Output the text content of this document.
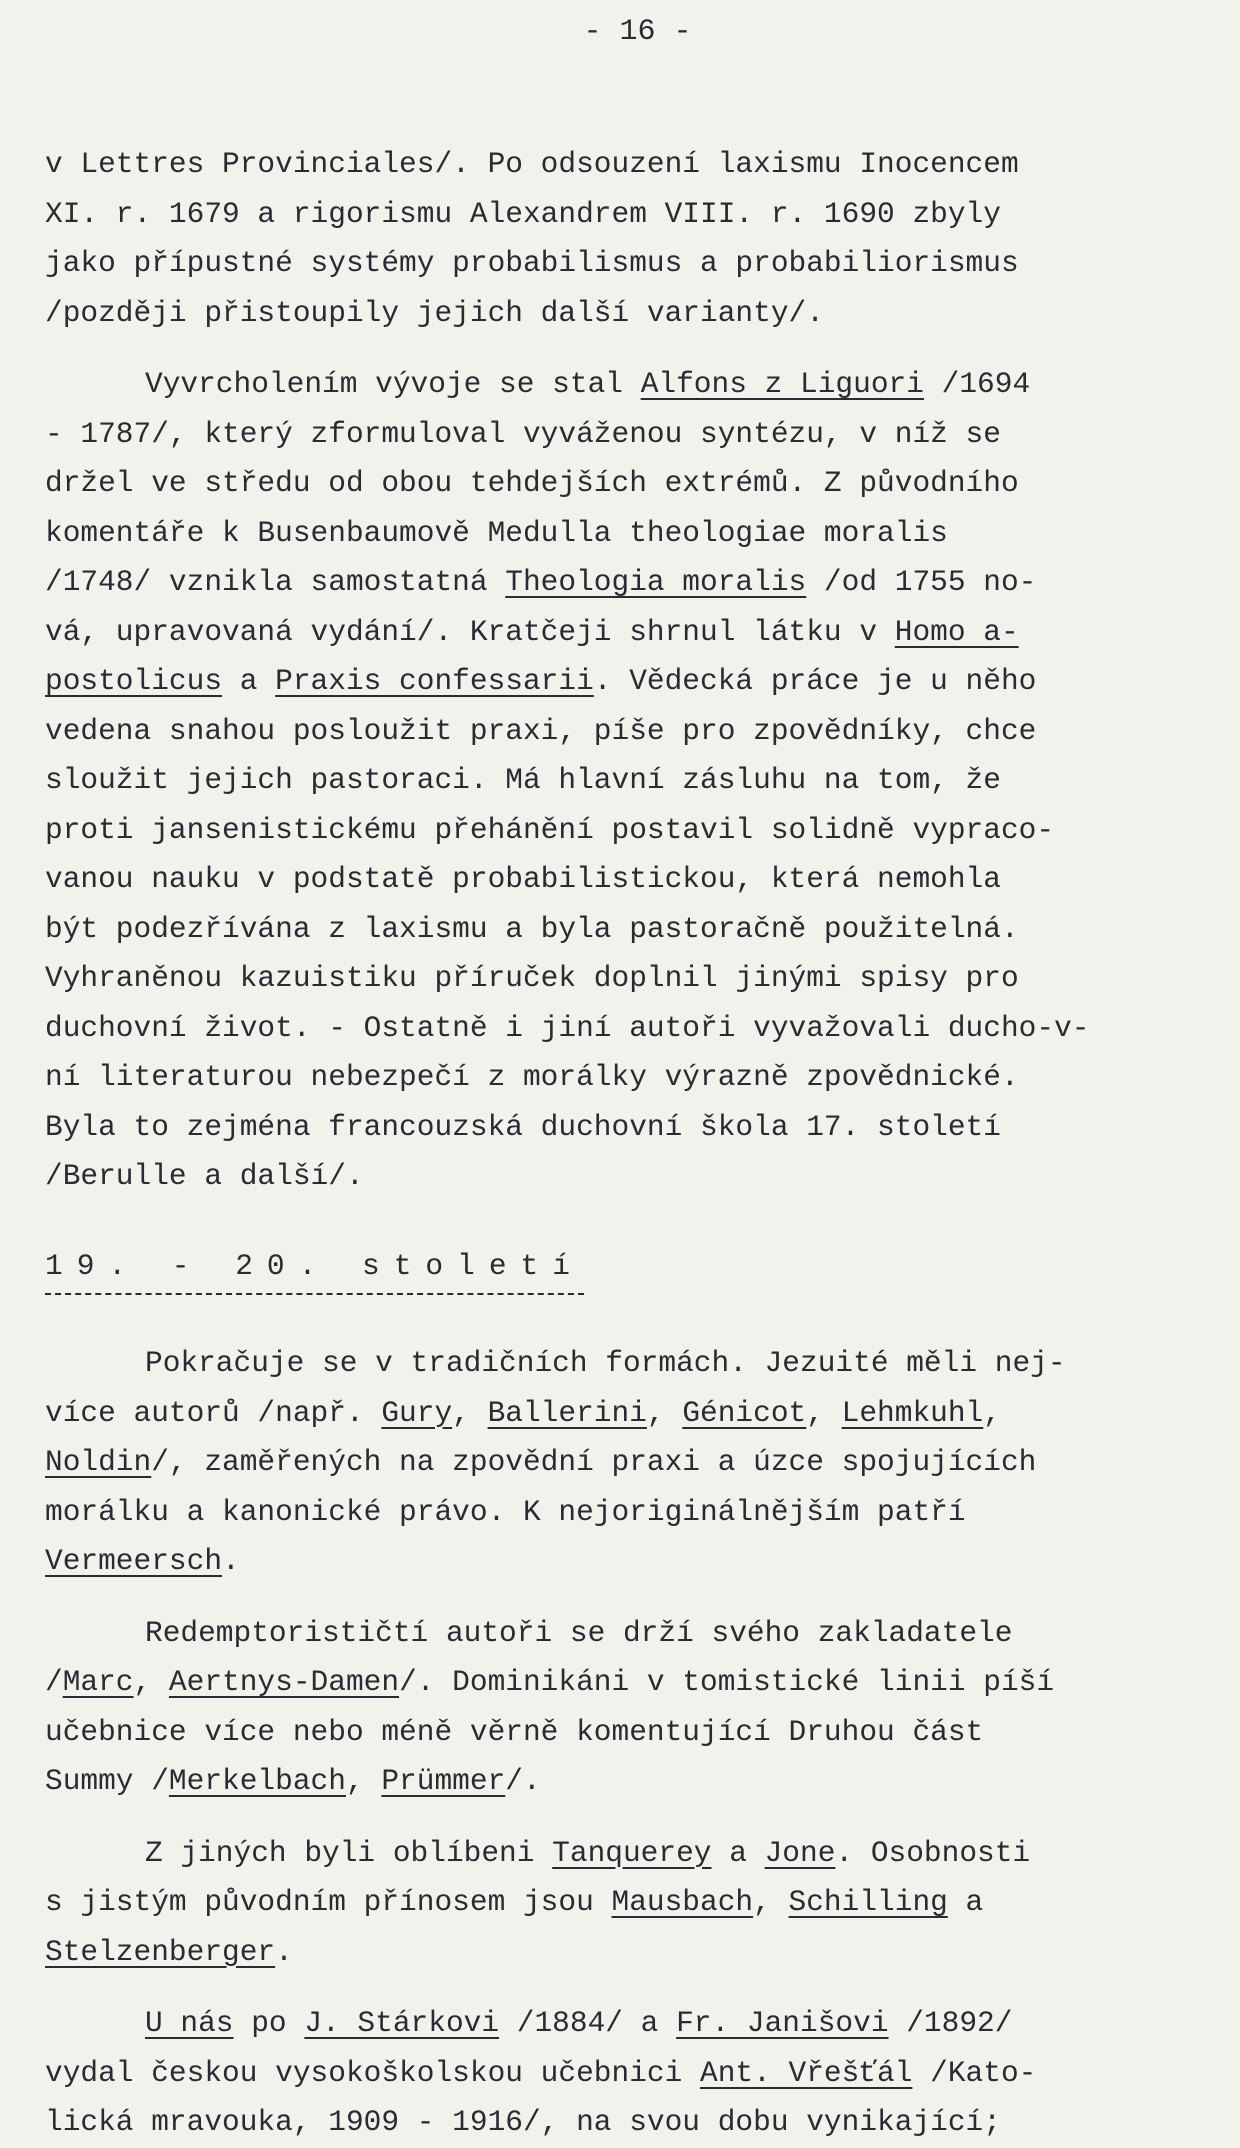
- 16 -
v Lettres Provinciales/. Po odsouzení laxismu Inocencem
XI. r. 1679 a rigorismu Alexandrem VIII. r. 1690 zbyly
jako přípustné systémy probabilismus a probabiliorismus
/později přistoupily jejich další varianty/.
Vyvrcholením vývoje se stal Alfons z Liguori /1694
- 1787/, který zformuloval vyváženou syntézu, v níž se
držel ve středu od obou tehdejších extrémů. Z původního
komentáře k Busenbaumově Medulla theologiae moralis
/1748/ vznikla samostatná Theologia moralis /od 1755 no-
vá, upravovaná vydání/. Kratčeji shrnul látku v Homo a-
postolicus a Praxis confessarii. Vědecká práce je u něho
vedena snahou posloužit praxi, píše pro zpovědníky, chce
sloužit jejich pastoraci. Má hlavní zásluhu na tom, že
proti jansenistickému přehánění postavil solidně vypraco-
vanou nauku v podstatě probabilistickou, která nemohla
být podezřívána z laxismu a byla pastoračně použitelná.
Vyhraněnou kazuistiku příruček doplnil jinými spisy pro
duchovní život. - Ostatně i jiní autoři vyvažovali ducho-v-
ní literaturou nebezpečí z morálky výrazně zpovědnické.
Byla to zejména francouzská duchovní škola 17. století
/Berulle a další/.
19. - 20. století
Pokračuje se v tradičních formách. Jezuité měli nej-
více autorů /např. Gury, Ballerini, Génicot, Lehmkuhl,
Noldin/, zaměřených na zpovědní praxi a úzce spojujících
morálku a kanonické právo. K nejoriginálnějším patří
Vermeersch.
Redemptorističtí autoři se drží svého zakladatele
/Marc, Aertnys-Damen/. Dominikáni v tomistické linii píší
učebnice více nebo méně věrně komentující Druhou část
Summy /Merkelbach, Prümmer/.
Z jiných byli oblíbeni Tanquerey a Jone. Osobnosti
s jistým původním přínosem jsou Mausbach, Schilling a
Stelzenberger.
U nás po J. Stárkovi /1884/ a Fr. Janišovi /1892/
vydal českou vysokoškolskou učebnici Ant. Vřešťál /Kato-
lická mravouka, 1909 - 1916/, na svou dobu vynikající;
